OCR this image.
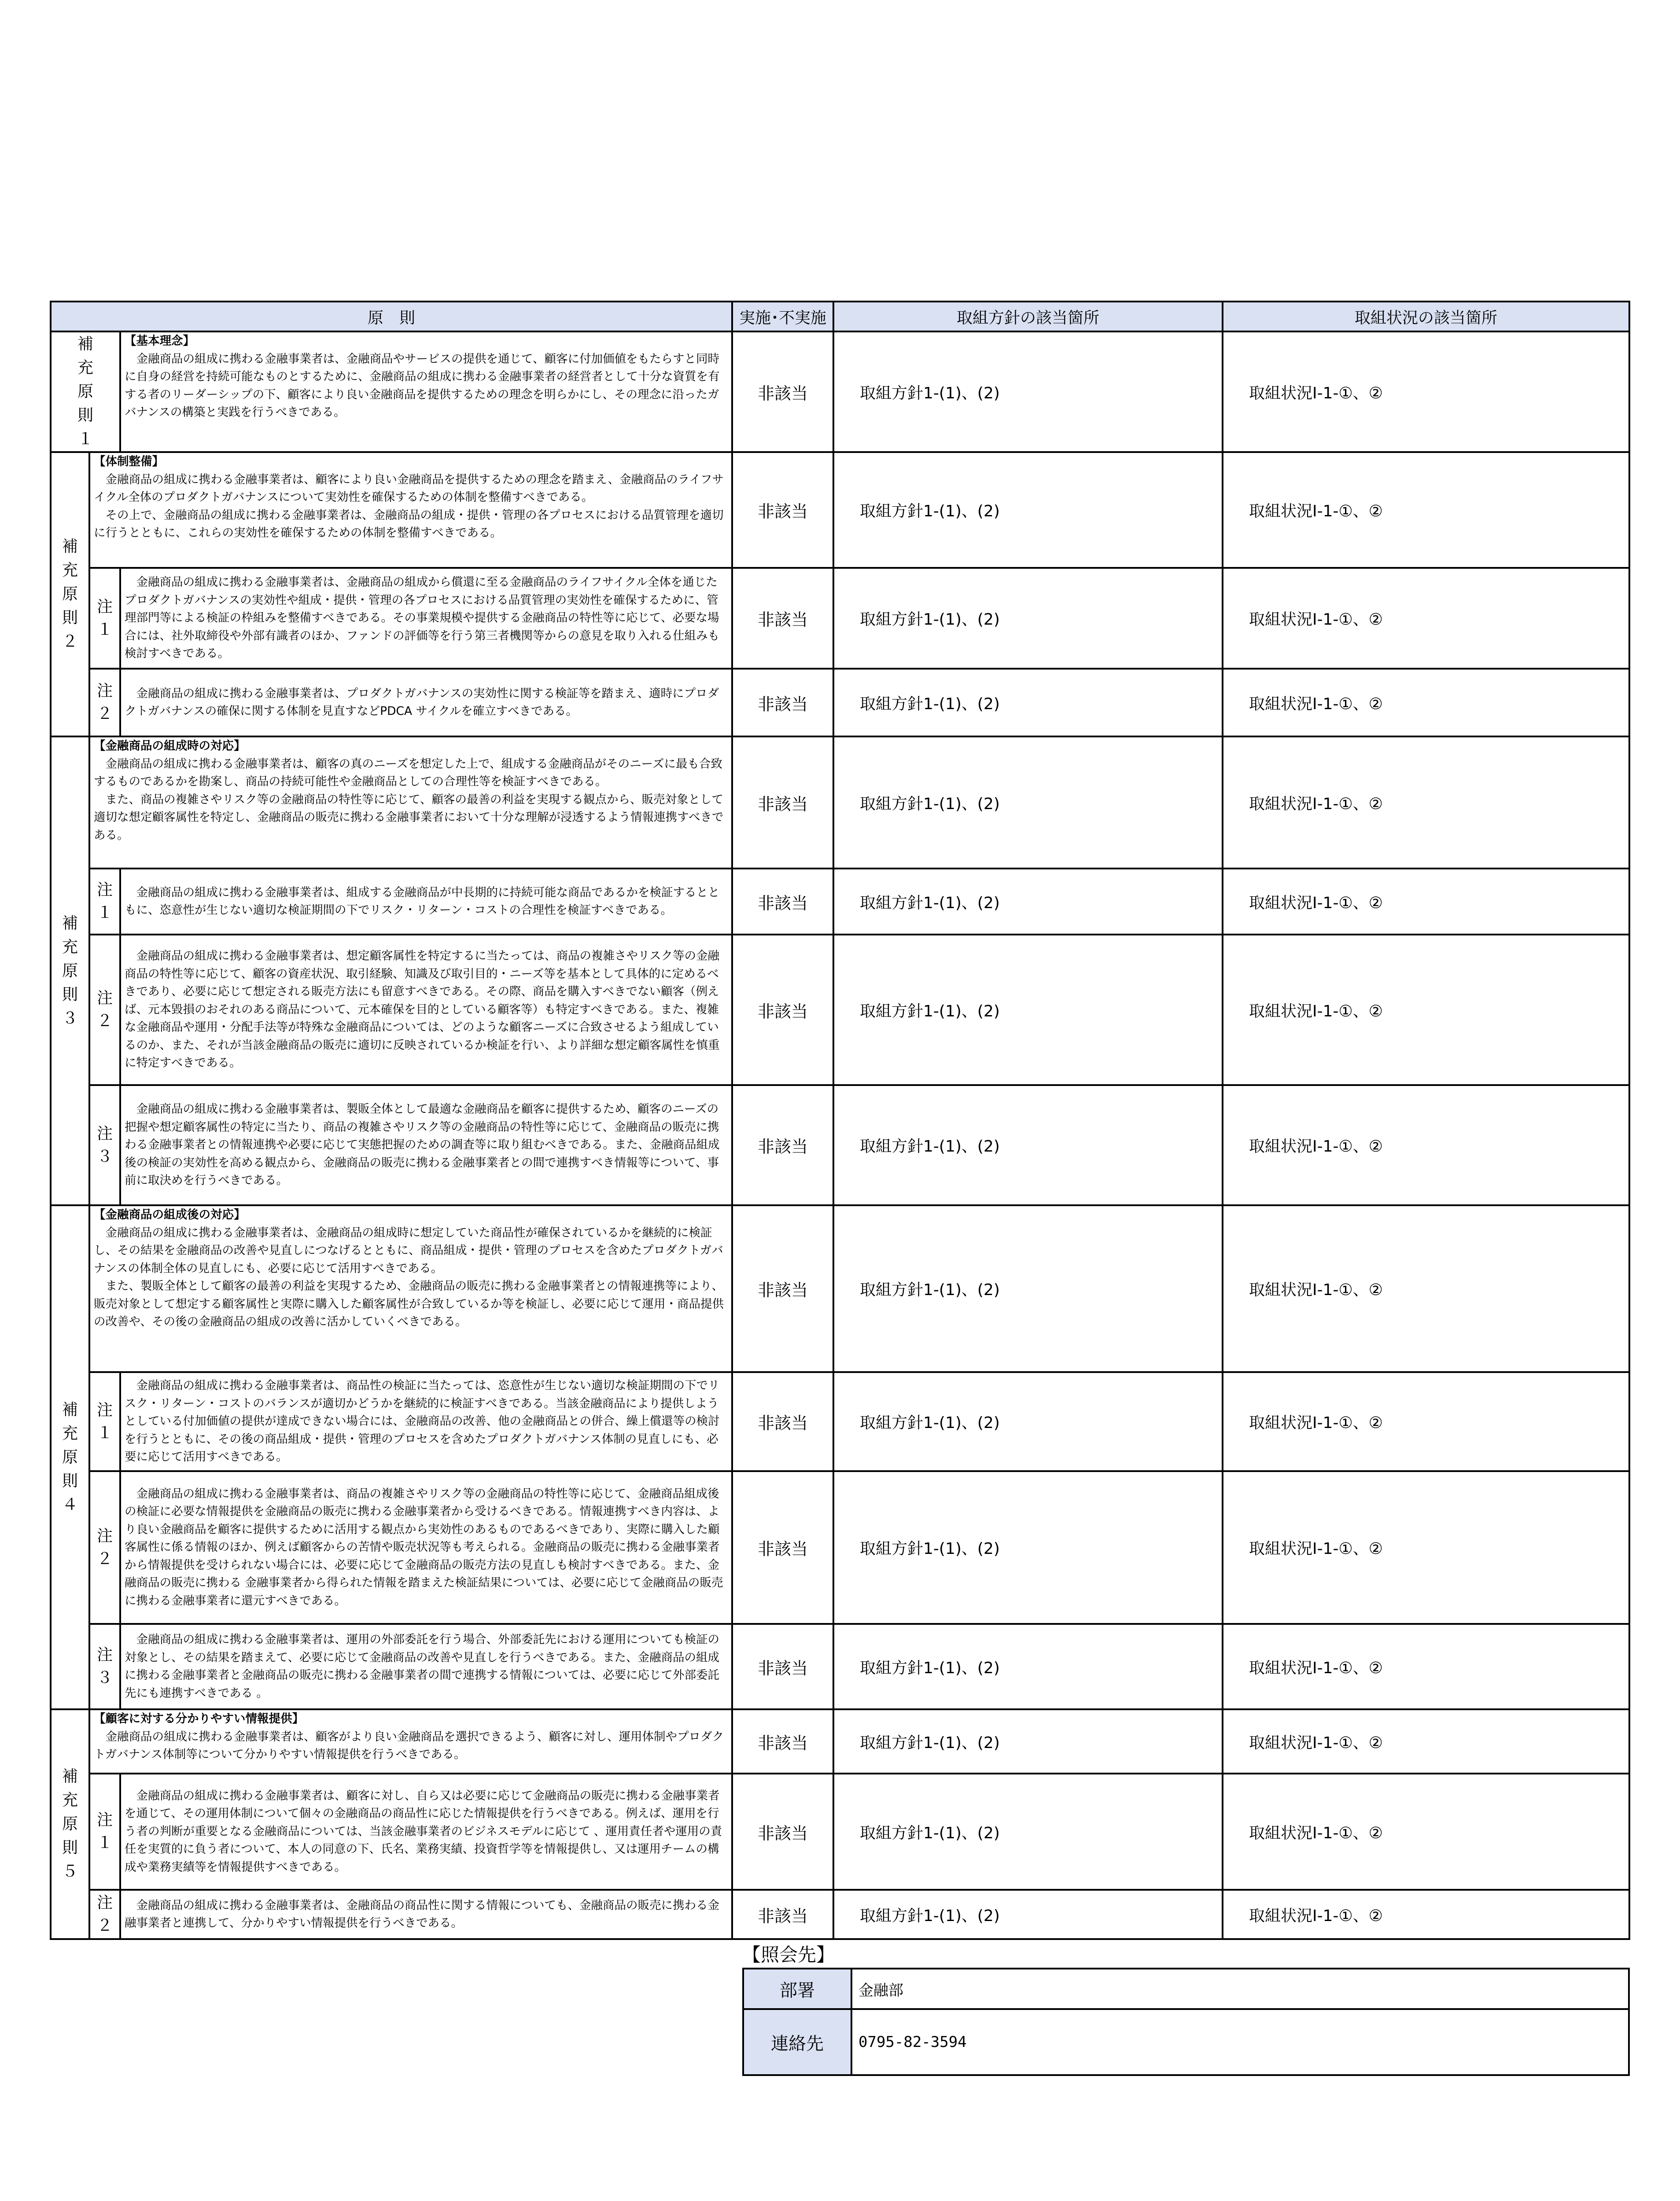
原　則			実施･不実施	取組方針の該当箇所	取組状況の該当箇所
補充原則１		【基本理念】
　金融商品の組成に携わる金融事業者は、金融商品やサービスの提供を通じて、顧客に付加価値をもたらすと同時に自身の経営を持続可能なものとするために、金融商品の組成に携わる金融事業者の経営者として十分な資質を有する者のリーダーシップの下、顧客により良い金融商品を提供するための理念を明らかにし、その理念に沿ったガバナンスの構築と実践を行うべきである。	非該当	取組方針1-(1)、(2)	取組状況Ⅰ-1-①、②
補充原則２	【体制整備】
　金融商品の組成に携わる金融事業者は、顧客により良い金融商品を提供するための理念を踏まえ、金融商品のライフサイクル全体のプロダクトガバナンスについて実効性を確保するための体制を整備すべきである。
　その上で、金融商品の組成に携わる金融事業者は、金融商品の組成・提供・管理の各プロセスにおける品質管理を適切に行うとともに、これらの実効性を確保するための体制を整備すべきである。		非該当	取組方針1-(1)、(2)	取組状況Ⅰ-1-①、②
	注１	　金融商品の組成に携わる金融事業者は、金融商品の組成から償還に至る金融商品のライフサイクル全体を通じたプロダクトガバナンスの実効性や組成・提供・管理の各プロセスにおける品質管理の実効性を確保するために、管理部門等による検証の枠組みを整備すべきである。その事業規模や提供する金融商品の特性等に応じて、必要な場合には、社外取締役や外部有識者のほか、ファンドの評価等を行う第三者機関等からの意見を取り入れる仕組みも検討すべきである。	非該当	取組方針1-(1)、(2)	取組状況Ⅰ-1-①、②
	注２	　金融商品の組成に携わる金融事業者は、プロダクトガバナンスの実効性に関する検証等を踏まえ、適時にプロダクトガバナンスの確保に関する体制を見直すなどPDCA サイクルを確立すべきである。	非該当	取組方針1-(1)、(2)	取組状況Ⅰ-1-①、②
補充原則３	【金融商品の組成時の対応】
　金融商品の組成に携わる金融事業者は、顧客の真のニーズを想定した上で、組成する金融商品がそのニーズに最も合致するものであるかを勘案し、商品の持続可能性や金融商品としての合理性等を検証すべきである。
　また、商品の複雑さやリスク等の金融商品の特性等に応じて、顧客の最善の利益を実現する観点から、販売対象として適切な想定顧客属性を特定し、金融商品の販売に携わる金融事業者において十分な理解が浸透するよう情報連携すべきである。		非該当	取組方針1-(1)、(2)	取組状況Ⅰ-1-①、②
	注１	　金融商品の組成に携わる金融事業者は、組成する金融商品が中長期的に持続可能な商品であるかを検証するとともに、恣意性が生じない適切な検証期間の下でリスク・リターン・コストの合理性を検証すべきである。	非該当	取組方針1-(1)、(2)	取組状況Ⅰ-1-①、②
	注２	　金融商品の組成に携わる金融事業者は、想定顧客属性を特定するに当たっては、商品の複雑さやリスク等の金融商品の特性等に応じて、顧客の資産状況、取引経験、知識及び取引目的・ニーズ等を基本として具体的に定めるべきであり、必要に応じて想定される販売方法にも留意すべきである。その際、商品を購入すべきでない顧客（例えば、元本毀損のおそれのある商品について、元本確保を目的としている顧客等）も特定すべきである。また、複雑な金融商品や運用・分配手法等が特殊な金融商品については、どのような顧客ニーズに合致させるよう組成しているのか、また、それが当該金融商品の販売に適切に反映されているか検証を行い、より詳細な想定顧客属性を慎重に特定すべきである。	非該当	取組方針1-(1)、(2)	取組状況Ⅰ-1-①、②
	注３	　金融商品の組成に携わる金融事業者は、製販全体として最適な金融商品を顧客に提供するため、顧客のニーズの把握や想定顧客属性の特定に当たり、商品の複雑さやリスク等の金融商品の特性等に応じて、金融商品の販売に携わる金融事業者との情報連携や必要に応じて実態把握のための調査等に取り組むべきである。また、金融商品組成後の検証の実効性を高める観点から、金融商品の販売に携わる金融事業者との間で連携すべき情報等について、事前に取決めを行うべきである。	非該当	取組方針1-(1)、(2)	取組状況Ⅰ-1-①、②
補充原則４	【金融商品の組成後の対応】
　金融商品の組成に携わる金融事業者は、金融商品の組成時に想定していた商品性が確保されているかを継続的に検証し、その結果を金融商品の改善や見直しにつなげるとともに、商品組成・提供・管理のプロセスを含めたプロダクトガバナンスの体制全体の見直しにも、必要に応じて活用すべきである。
　また、製販全体として顧客の最善の利益を実現するため、金融商品の販売に携わる金融事業者との情報連携等により、販売対象として想定する顧客属性と実際に購入した顧客属性が合致しているか等を検証し、必要に応じて運用・商品提供の改善や、その後の金融商品の組成の改善に活かしていくべきである。		非該当	取組方針1-(1)、(2)	取組状況Ⅰ-1-①、②
	注１	　金融商品の組成に携わる金融事業者は、商品性の検証に当たっては、恣意性が生じない適切な検証期間の下でリスク・リターン・コストのバランスが適切かどうかを継続的に検証すべきである。当該金融商品により提供しようとしている付加価値の提供が達成できない場合には、金融商品の改善、他の金融商品との併合、繰上償還等の検討を行うとともに、その後の商品組成・提供・管理のプロセスを含めたプロダクトガバナンス体制の見直しにも、必要に応じて活用すべきである。	非該当	取組方針1-(1)、(2)	取組状況Ⅰ-1-①、②
	注２	　金融商品の組成に携わる金融事業者は、商品の複雑さやリスク等の金融商品の特性等に応じて、金融商品組成後の検証に必要な情報提供を金融商品の販売に携わる金融事業者から受けるべきである。情報連携すべき内容は、より良い金融商品を顧客に提供するために活用する観点から実効性のあるものであるべきであり、実際に購入した顧客属性に係る情報のほか、例えば顧客からの苦情や販売状況等も考えられる。金融商品の販売に携わる金融事業者から情報提供を受けられない場合には、必要に応じて金融商品の販売方法の見直しも検討すべきである。また、金融商品の販売に携わる 金融事業者から得られた情報を踏まえた検証結果については、必要に応じて金融商品の販売に携わる金融事業者に還元すべきである。	非該当	取組方針1-(1)、(2)	取組状況Ⅰ-1-①、②
	注３	　金融商品の組成に携わる金融事業者は、運用の外部委託を行う場合、外部委託先における運用についても検証の対象とし、その結果を踏まえて、必要に応じて金融商品の改善や見直しを行うべきである。また、金融商品の組成に携わる金融事業者と金融商品の販売に携わる金融事業者の間で連携する情報については、必要に応じて外部委託先にも連携すべきである 。	非該当	取組方針1-(1)、(2)	取組状況Ⅰ-1-①、②
補充原則５	【顧客に対する分かりやすい情報提供】
　金融商品の組成に携わる金融事業者は、顧客がより良い金融商品を選択できるよう、顧客に対し、運用体制やプロダクトガバナンス体制等について分かりやすい情報提供を行うべきである。		非該当	取組方針1-(1)、(2)	取組状況Ⅰ-1-①、②
	注１	　金融商品の組成に携わる金融事業者は、顧客に対し、自ら又は必要に応じて金融商品の販売に携わる金融事業者を通じて、その運用体制について個々の金融商品の商品性に応じた情報提供を行うべきである。例えば、運用を行う者の判断が重要となる金融商品については、当該金融事業者のビジネスモデルに応じて 、運用責任者や運用の責任を実質的に負う者について、本人の同意の下、氏名、業務実績、投資哲学等を情報提供し、又は運用チームの構成や業務実績等を情報提供すべきである。	非該当	取組方針1-(1)、(2)	取組状況Ⅰ-1-①、②
	注２	　金融商品の組成に携わる金融事業者は、金融商品の商品性に関する情報についても、金融商品の販売に携わる金融事業者と連携して、分かりやすい情報提供を行うべきである。	非該当	取組方針1-(1)、(2)	取組状況Ⅰ-1-①、②
【照会先】
部署	金融部
連絡先	0795-82-3594
